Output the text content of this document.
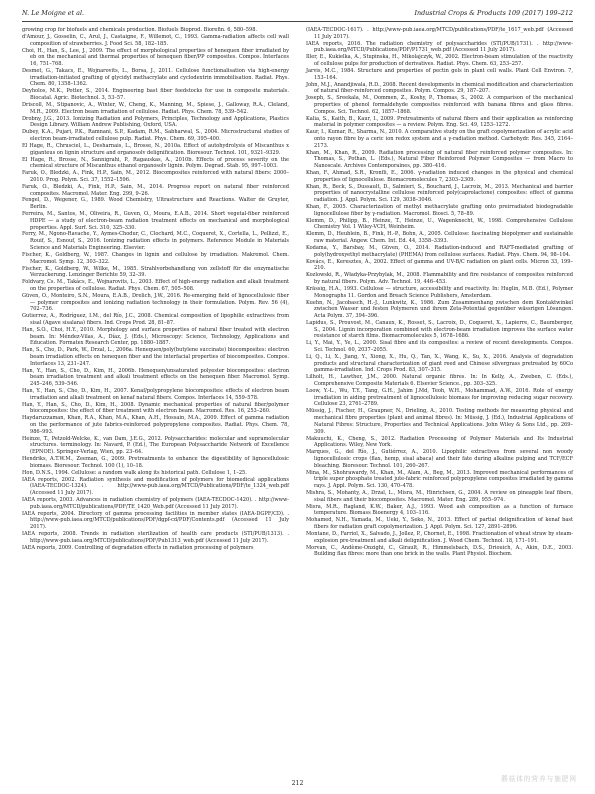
N. Le Moigne et al.	Industrial Crops & Products 109 (2017) 199–212

growing crop for biofuels and chemicals production. Biofuels Bioprod. Biorefin. 6, 580–598.

d'Amour, J., Gosselin, C., Arul, J., Castaigne, F., Willemot, C., 1993. Gamma-radiation affects cell wall composition of strawberries. J. Food Sci. 58, 182–185.

Choi, H., Han, S., Lee, J., 2009. The effect of morphological properties of henequen fiber irradiated by eb on the mechanical and thermal properties of henequen fiber/PP composites. Compos. Interfaces 16, 751–768.

Desmet, G., Takacs, E., Wojnarovits, L., Borsa, J., 2011. Cellulose functionalisation via high-energy irradiation-initiated grafting of glycidyl methacrylate and cyclodextrin immobilisation. Radiat. Phys. Chem. 80, 1358–1362.

Deyholos, M.K., Potter, S., 2014. Engineering bast fiber feedstocks for use in composite materials. Biocatal. Agric. Biotechnol. 3, 53–57.

Driscoll, M., Stipanovic, A., Winter, W., Cheng, K., Manning, M., Spiese, J., Galloway, R.A., Cleland, M.R., 2009. Electron beam irradiation of cellulose. Radiat. Phys. Chem. 78, 539–542.

Drobny, J.G., 2013. Ionizing Radiation and Polymers, Principles, Technology and Applications, Plastics Design Library. William Andrew Publishing, Oxford, USA.

Dubey, K.A., Pujari, P.K., Ramnani, S.P., Kadam, R.M., Sabharwal, S., 2004. Microstructural studies of electron beam-irradiated cellulose pulp. Radiat. Phys. Chem. 69, 395–400.

El Hage, R., Chrusciel, L., Desharnais, L., Brosse, N., 2010a. Effect of autohydrolysis of Miscanthus x giganteus on lignin structure and organosolv delignification. Bioresour. Technol. 101, 9321–9329.

El Hage, R., Brosse, N., Sannigrahi, P., Ragauskas, A., 2010b. Effects of process severity on the chemical structure of Miscanthus ethanol organosolv lignin. Polym. Degrad. Stab. 95, 997–1003.

Faruk, O., Bledzki, A., Fink, H.P., Sain, M., 2012. Biocomposites reinforced with natural fibers: 2000–2010. Prog. Polym. Sci. 37, 1552–1596.

Faruk, O., Bledzki, A., Fink, H.P., Sain, M., 2014. Progress report on natural fiber reinforced composites. Macromol. Mater. Eng. 299, 9–26.

Fengel, D., Wegener, G., 1989. Wood Chemistry, Ultrastructure and Reactions. Walter de Gruyter, Berlin.

Ferreira, M., Santos, M., Oliveira, R., Guven, O., Moura, E.A.B., 2014. Short vegetal-fiber reinforced HDPE — a study of electron-beam radiation treatment effects on mechanical and morphological properties. Appl. Surf. Sci. 310, 325–330.

Ferry, M., Ngono-Ravache, Y., Aymes-Chodur, C., Clochard, M.C., Coqueret, X., Cortella, L., Pellizzi, E., Rouif, S., Esnouf, S., 2016. Ionizing radiation effects in polymers. Reference Module in Materials Science and Materials Engineering. Elsevier.

Fischer, K., Goldberg, W., 1987. Changes in lignin and cellulose by irradiation. Makromol. Chem. Macromol. Symp. 12, 303–322.

Fischer, K., Goldberg, W., Wilke, M., 1985. Strahlvorbehandlung von zellstoff für die enzymatische Verzuckerung. Lenzinger Berichte 59, 32–39.

Foldvary, Cs. M., Takács, E., Wojnarovits, L., 2003. Effect of high-energy radiation and alkali treatment on the properties of cellulose. Radiat. Phys. Chem. 67, 505–508.

Güven, O., Monteiro, S.N., Moura, E.A.B., Drelich, J.W., 2016. Re-emerging field of lignocellulosic fiber — polymer composites and ionizing radiation technology in their formulation. Polym. Rev. 56 (4), 702–736.

Gutierrez, A., Rodríguez, I.M., del Río, J.C., 2008. Chemical composition of lipophilic extractives from sisal (Agave sisalana) fibers. Ind. Crops Prod. 28, 81–87.

Han, S.O., Choi, H.Y., 2010. Morphology and surface properties of natural fiber treated with electron beam. In: Méndez-Vilas, A., Díaz, J. (Eds.), Microscopy: Science, Technology, Applications and Education. Formatex Research Center, pp. 1880–1887.

Han, S., Cho, D., Park, W., Drzal, L., 2006a. Henequen/poly(butylene succinate) biocomposites: electron beam irradiation effects on henequen fiber and the interfacial properties of biocomposites. Compos. Interfaces 13, 231–247.

Han, Y., Han, S., Cho, D., Kim, H., 2006b. Henequen/unsaturated polyester biocomposites: electron beam irradiation treatment and alkali treatment effects on the henequen fiber. Macromol. Symp. 245–246, 539–546.

Han, Y., Han, S., Cho, D., Kim, H., 2007. Kenaf/polypropylene biocomposites: effects of electron beam irradiation and alkali treatment on kenaf natural fibers. Compos. Interfaces 14, 559–578.

Han, Y., Han, S., Cho, D., Kim, H., 2008. Dynamic mechanical properties of natural fiber/polymer biocomposites: the effect of fiber treatment with electron beam. Macromol. Res. 16, 253–260.

Haydaruzzaman, Khan, R.A., Khan, M.A., Khan, A.H., Hossain, M.A., 2009. Effect of gamma radiation on the performance of jute fabrics-reinforced polypropylene composites. Radiat. Phys. Chem. 78, 986–993.

Heinze, T., Petzold-Welcke, K., van Dam, J.E.G., 2012. Polysaccharides: molecular and supramolecular structures. terminology. In: Navard, P. (Ed.), The European Polysaccharide Network of Excellence (EPNOE). Springer-Verlag, Wien, pp. 23–64.

Hendriks, A.T.W.M., Zeeman, G., 2009. Pretreatments to enhance the digestibility of lignocellulosic biomass. Bioresour. Technol. 100 (1), 10–18.

Hon, D.N.S., 1994. Cellulose: a random walk along its historical path. Cellulose 1, 1–25.

IAEA reports, 2002. Radiation synthesis and modification of polymers for biomedical applications (IAEA-TECDOC-1324). . http://www-pub.iaea.org/MTCD/Publications/PDF/te_1324_web.pdf (Accessed 11 July 2017).

IAEA reports, 2003. Advances in radiation chemistry of polymers (IAEA-TECDOC-1420). . http://www-pub.iaea.org/MTCD/publications/PDF/TE_1420_Web.pdf (Accessed 11 July 2017).

IAEA reports, 2004. Directory of gamma processing facilities in member states (IAEA-DGPF/CD). . http://www-pub.iaea.org/MTCD/publications/PDF/dgpf-cd/PDF/Contents.pdf (Accessed 11 July 2017).

IAEA reports, 2008. Trends in radiation sterilization of health care products (STI/PUB/1313). . http://www-pub.iaea.org/MTCD/publications/PDF/Pub1313_web.pdf (Accessed 11 July 2017).

IAEA reports, 2009. Controlling of degradation effects in radiation processing of polymers

(IAEA-TECDOC-1617). . http://www-pub.iaea.org/MTCD/publications/PDF/te_1617_web.pdf (Accessed 11 July 2017).

IAEA reports, 2016. The radiation chemistry of polysaccharides (STI/PUB/1731). . http://www-pub.iaea.org/MTCD/Publications/PDF/P1731_web.pdf (Accessed 11 July 2017).

Iller, E., Kukielka, A., Stupinska, H., Mikolajczyk, W., 2002. Electron-beam stimulation of the reactivity of cellulose pulps for production of derivatives. Radiat. Phys. Chem. 63, 253–257.

Jarvis, M.C., 1984. Structure and properties of pectin gels in plant cell walls. Plant Cell Environ. 7, 153–164.

John, M.J., Anandjiwala, R.D., 2008. Recent developments in chemical modification and characterization of natural fiber-reinforced composites. Polym. Compos. 29, 187–207.

Joseph, S., Sreekala, M., Oommen, Z., Koshy, P., Thomas, S., 2002. A comparison of the mechanical properties of phenol formaldehyde composites reinforced with banana fibres and glass fibres. Compos. Sci. Technol. 62, 1857–1868.

Kalia, S., Kaith, B., Kaur, I., 2009. Pretreatments of natural fibers and their application as reinforcing material in polymer composites — a review. Polym. Eng. Sci. 49, 1253–1272.

Kaur, I., Kumar, R., Sharma, N., 2010. A comparative study on the graft copolymerization of acrylic acid onto rayon fibre by a ceric ion redox system and a γ-radiation method. Carbohydr. Res. 345, 2164–2173.

Khan, M., Khan, R., 2009. Radiation processing of natural fiber reinforced polymer composites. In: Thomas, S., Pothan, L. (Eds.), Natural Fiber Reinforced Polymer Composites — from Macro to Nanoscale. Archives Contemporaines, pp. 380–416.

Khan, F., Ahmad, S.R., Kronfli, E., 2006. γ-radiation induced changes in the physical and chemical properties of lignocellulose. Biomacromolecules 7, 2303–2309.

Khan, R., Beck, S., Dussault, D., Salmieri, S., Bouchard, J., Lacroix, M., 2013. Mechanical and barrier properties of nanocrystalline cellulose reinforced poly(caprolactone) composites: effect of gamma radiation. J. Appl. Polym. Sci. 129, 3038–3046.

Khan, F., 2005. Characterization of methyl methacrylate grafting onto preirradiated biodegradable lignocellulose fiber by γ-radiation. Macromol. Biosci. 5, 78–89.

Klemm, D., Philipp, B., Heinze, T., Heinze, U., Wagenknecht, W., 1998. Comprehensive Cellulose Chemistry Vol. 1 Wiley-VCH, Weinheim.

Klemm, D., Heublein, B., Fink, H.-P., Bohn, A., 2005. Cellulose: fascinating biopolymer and sustainable raw material. Angew. Chem. Int. Ed. 44, 3358–3393.

Kodama, Y., Barsbay, M., Güven, O., 2014. Radiation-induced and RAFT-mediated grafting of poly(hydroxyethyl methacrylate) (PHEMA) from cellulose surfaces. Radiat. Phys. Chem. 94, 98–104.

Kovács, E., Keresztes, Á., 2002. Effect of gamma and UV-B/C radiation on plant cells. Micron 33, 199–210.

Kozlowski, R., Władyka-Przybylak, M., 2008. Flammability and fire resistance of composites reinforced by natural fibers. Polym. Adv. Technol. 19, 446–453.

Krässig, H.A., 1993. Cellulose — structure, accessibility and reactivity. In: Huglin, M.B. (Ed.), Polymer Monographs 11. Gordon and Breach Science Publishers, Amsterdam.

Kuehn, N., Jacobasch, H.-J., Lunkwitz, K., 1986. Zum Zusammenhang zwischen dem Kontaktwinkel zwischen Wasser und festen Polymeren und ihrem Zeta-Potential gegenüber wässrigen Lösungen. Acta Polym. 37, 394–396.

Lapidus, S., Prouvost, M., Canaux, K., Rosset, S., Lacroix, D., Coqueret, X., Lapierre, C., Baumberger, S., 2004. Lignin incorporation combined with electron-beam irradiation improves the surface water resistance of starch films. Biomacromolecules 5, 1678–1686.

Li, Y., Mai, Y., Ye, L., 2000. Sisal fibre and its composites: a review of recent developments. Compos. Sci. Technol. 60, 2037–2055.

Li, Q., Li, X., Jiang, Y., Xiong, X., Hu, Q., Tan, X., Wang, K., Su, X., 2016. Analysis of degradation products and structural characterization of giant reed and Chinese silvergrass pretreated by 60Co gamma-irradiation. Ind. Crops Prod. 83, 307–315.

Lilholt, H., Lawther, J.M., 2000. Natural organic fibres. In: In Kelly, A., Zweben, C. (Eds.), Comprehensive Composite Materials 6. Elsevier Science., pp. 303–325.

Loow, Y.-L., Wu, T.Y., Tang, G.H., Jahim J.Md, Teoh, W.H., Mohammad, A.W., 2016. Role of energy irradiation in aiding pretreatment of lignocellulosic biomass for improving reducing sugar recovery. Cellulose 23, 2761–2789.

Müssig, J., Fischer, H., Graupner, N., Drieling, A., 2010. Testing methods for measuring physical and mechanical fibre properties (plant and animal fibres). In: Müssig, J. (Ed.), Industrial Applications of Natural Fibres: Structure, Properties and Technical Applications. John Wiley & Sons Ltd., pp. 269–309.

Makuuchi, K., Cheng, S., 2012. Radiation Processing of Polymer Materials and Its Industrial Applications. Wiley, New York.

Marques, G., del Río, J., Gutiérrez, A., 2010. Lipophilic extractives from several non woody lignocellulosic crops (flax, hemp, sisal abaca) and their fate during alkaline pulping and TCF/ECF bleaching. Bioresour. Technol. 101, 260–267.

Mina, M., Shohrawardy, M., Khan, M., Alam, A., Beg, M., 2013. Improved mechanical performances of triple super phosphate treated jute-fabric reinforced polypropylene composites irradiated by gamma rays. J. Appl. Polym. Sci. 130, 470–478.

Mishra, S., Mohanty, A., Drzal, L., Misra, M., Hinrichsen, G., 2004. A review on pineapple leaf fibers, sisal fibers and their biocomposites. Macromol. Mater. Eng. 289, 955–974.

Misra, M.R., Ragland, K.W., Baker, A.J., 1993. Wood ash composition as a function of furnace temperature. Biomass Bioenergy 4, 103–116.

Mohamed, N.H., Yamada, M., Ueki, Y., Seko, N., 2013. Effect of partial delignification of kenaf bast fibers for radiation graft copolymerization. J. Appl. Polym. Sci. 127, 2891–2896.

Montane, D., Farriol, X., Salvado, J., Jollez, P., Chornet, E., 1998. Fractionation of wheat straw by steam-explosion pre-treatment and alkali delignification. J. Wood Chem. Technol. 18, 171–191.

Morvan, C., Andème-Onzighi, C., Girault, R., Himmelsbach, D.S., Driouich, A., Akin, D.E., 2003. Building flax fibres: more than one brick in the walls. Plant Physiol. Biochem.

212
蘑菇体的营养与施肥网
